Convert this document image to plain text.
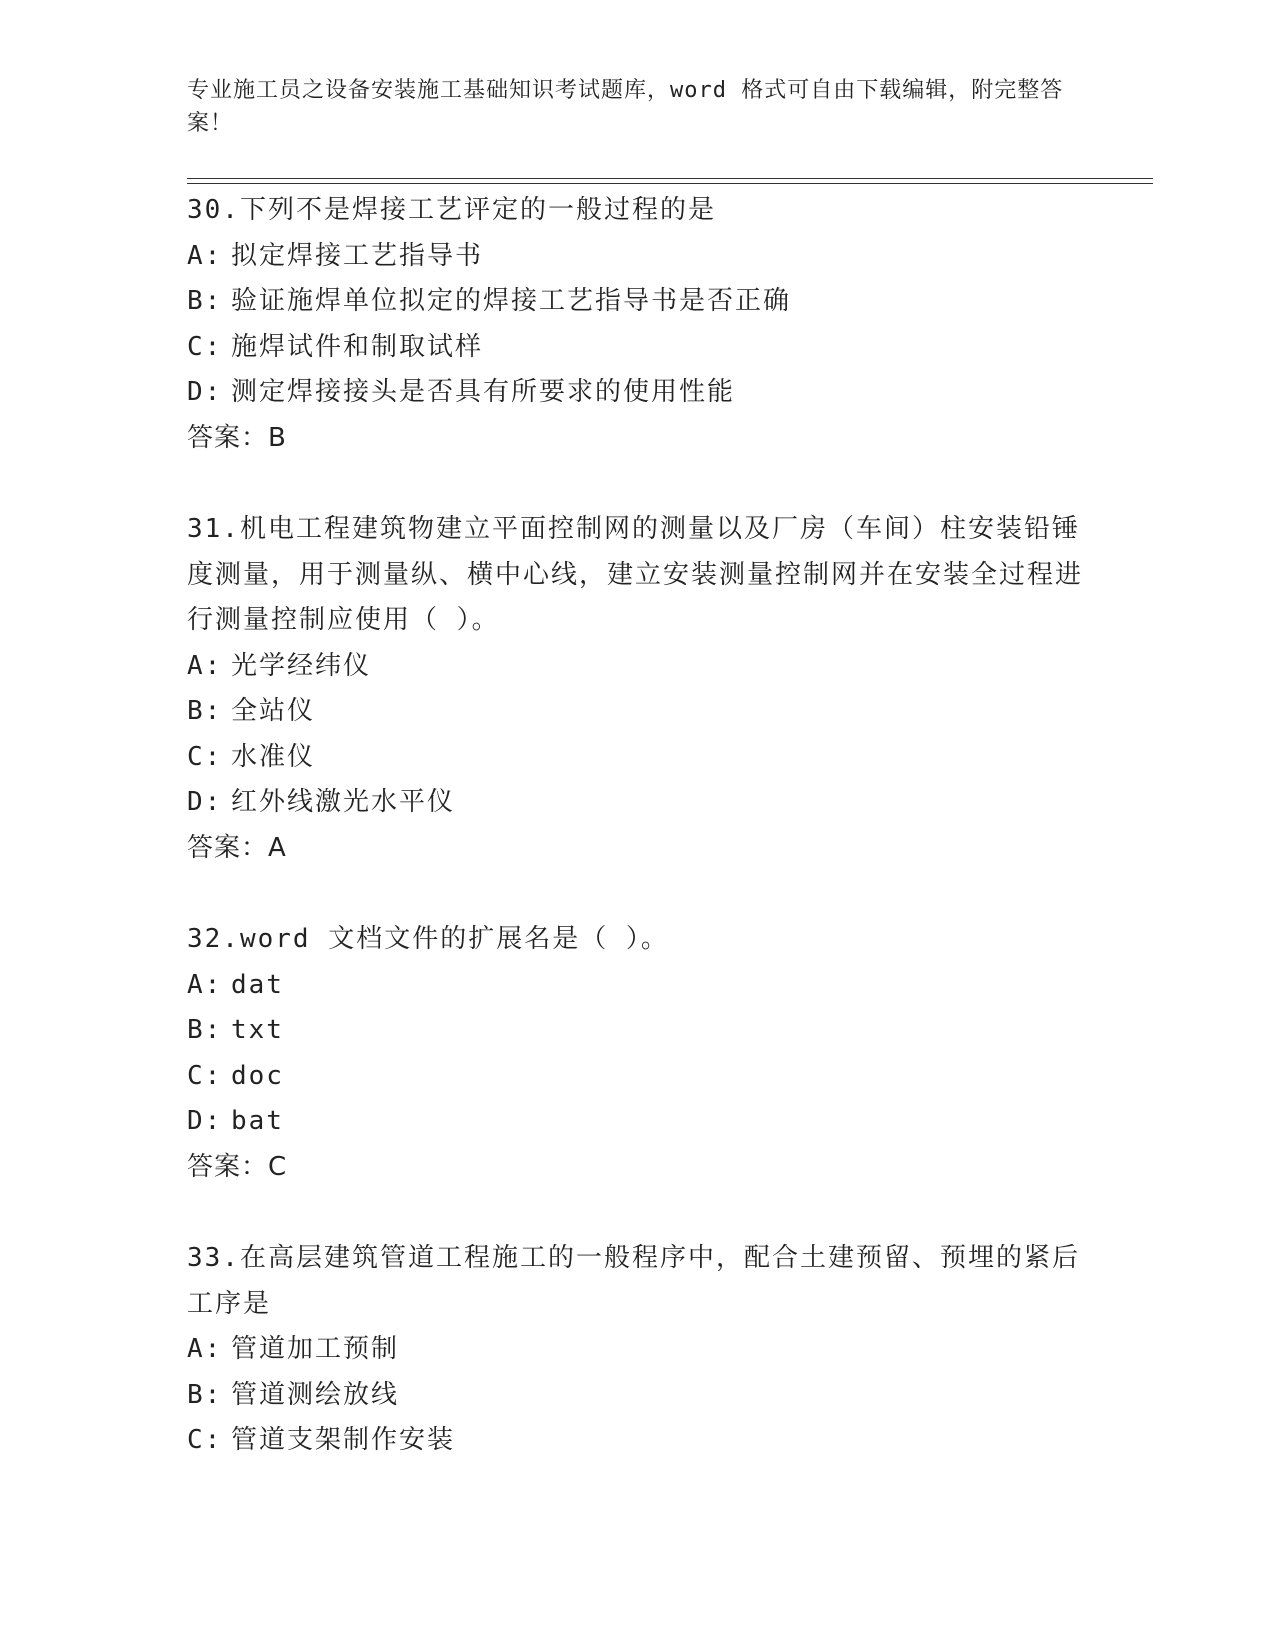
专业施工员之设备安装施工基础知识考试题库，word 格式可自由下载编辑，附完整答案！

30.下列不是焊接工艺评定的一般过程的是

A: 拟定焊接工艺指导书

B: 验证施焊单位拟定的焊接工艺指导书是否正确

C: 施焊试件和制取试样

D: 测定焊接接头是否具有所要求的使用性能

答案：B

31.机电工程建筑物建立平面控制网的测量以及厂房（车间）柱安装铅锤度测量，用于测量纵、横中心线，建立安装测量控制网并在安装全过程进行测量控制应使用（ ）。

A: 光学经纬仪

B: 全站仪

C: 水准仪

D: 红外线激光水平仪

答案：A

32.word 文档文件的扩展名是（ ）。

A: dat

B: txt

C: doc

D: bat

答案：C

33.在高层建筑管道工程施工的一般程序中，配合土建预留、预埋的紧后工序是

A: 管道加工预制

B: 管道测绘放线

C: 管道支架制作安装
